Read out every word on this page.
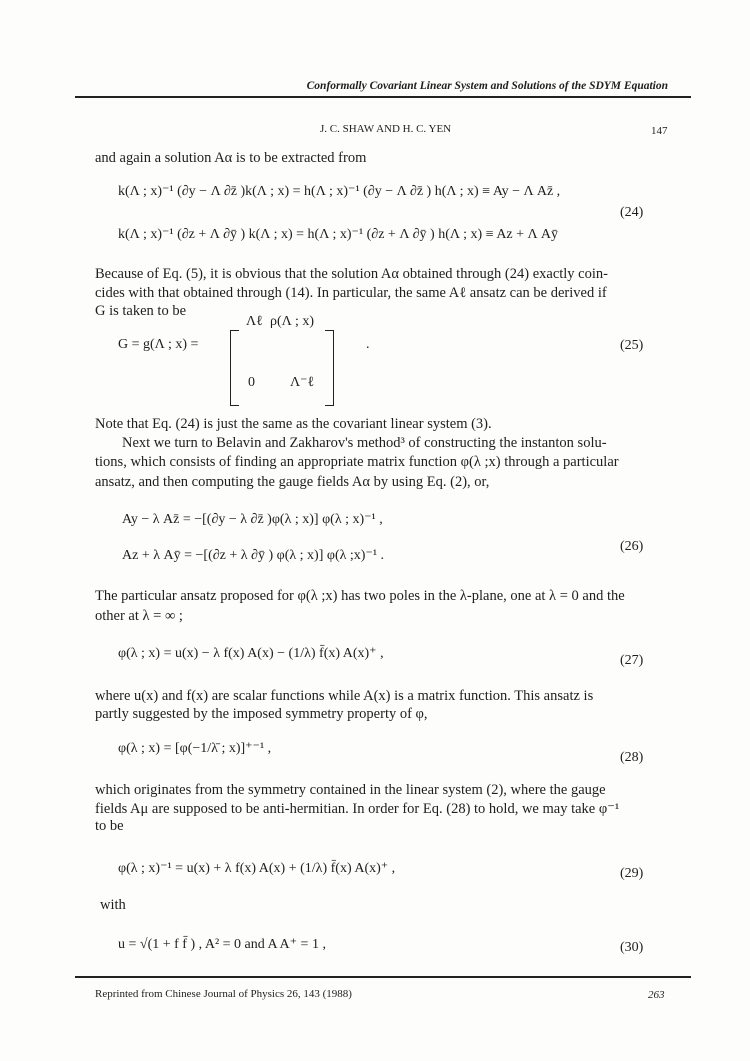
Conformally Covariant Linear System and Solutions of the SDYM Equation
J. C. SHAW AND H. C. YEN	147
and again a solution Aα is to be extracted from
k(Λ ; x)⁻¹ (∂y − Λ ∂z̄ )k(Λ ; x) = h(Λ ; x)⁻¹ (∂y − Λ ∂z̄ ) h(Λ ; x) ≡ Ay − Λ Az̄ ,
k(Λ ; x)⁻¹ (∂z + Λ ∂ȳ ) k(Λ ; x) = h(Λ ; x)⁻¹ (∂z + Λ ∂ȳ ) h(Λ ; x) ≡ Az + Λ Aȳ
(24)
Because of Eq. (5), it is obvious that the solution Aα obtained through (24) exactly coin-
cides with that obtained through (14). In particular, the same Aℓ ansatz can be derived if
G is taken to be
G = g(Λ ; x) =
Λℓ ρ(Λ ; x)
0	Λ⁻ℓ
.	(25)
Note that Eq. (24) is just the same as the covariant linear system (3).
Next we turn to Belavin and Zakharov's method³ of constructing the instanton solu-
tions, which consists of finding an appropriate matrix function φ(λ ;x) through a particular
ansatz, and then computing the gauge fields Aα by using Eq. (2), or,
Ay − λ Az̄ = −[(∂y − λ ∂z̄ )φ(λ ; x)] φ(λ ; x)⁻¹ ,
Az + λ Aȳ = −[(∂z + λ ∂ȳ ) φ(λ ; x)] φ(λ ;x)⁻¹ .
(26)
The particular ansatz proposed for φ(λ ;x) has two poles in the λ-plane, one at λ = 0 and the
other at λ = ∞ ;
φ(λ ; x) = u(x) − λ f(x) A(x) − (1/λ) f̄(x) A(x)⁺ ,	(27)
where u(x) and f(x) are scalar functions while A(x) is a matrix function. This ansatz is
partly suggested by the imposed symmetry property of φ,
φ(λ ; x) = [φ(−1/λ̄ ; x)]⁺⁻¹ ,
(28)
which originates from the symmetry contained in the linear system (2), where the gauge
fields Aμ are supposed to be anti-hermitian. In order for Eq. (28) to hold, we may take φ⁻¹
to be
φ(λ ; x)⁻¹ = u(x) + λ f(x) A(x) + (1/λ) f̄(x) A(x)⁺ ,	(29)
with
u = √(1 + f f̄ ) , A² = 0 and A A⁺ = 1 ,	(30)
Reprinted from Chinese Journal of Physics 26, 143 (1988)	263
